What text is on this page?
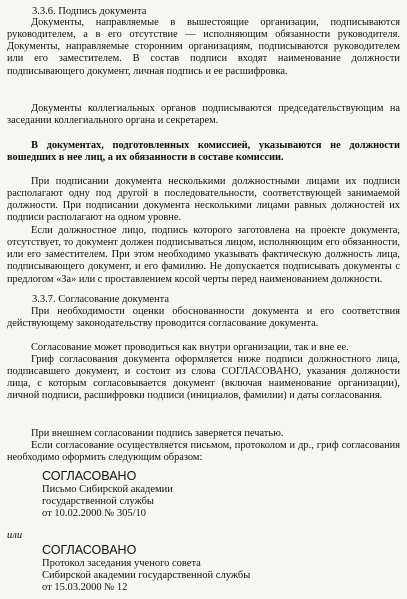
3.3.6. Подпись документа

Документы, направляемые в вышестоящие организации, подписываются руководителем, а в его отсутствие — исполняющим обязанности руководителя. Документы, направляемые сторонним организациям, подписываются руководителем или его заместителем. В состав подписи входят наименование должности подписывающего документ, личная подпись и ее расшифровка.

Документы коллегиальных органов подписываются председательствующим на заседании коллегиального органа и секретарем.

В документах, подготовленных комиссией, указываются не должности вошедших в нее лиц, а их обязанности в составе комиссии.

При подписании документа несколькими должностными лицами их подписи располагают одну под другой в последовательности, соответствующей занимаемой должности. При подписании документа несколькими лицами равных должностей их подписи располагают на одном уровне.

Если должностное лицо, подпись которого заготовлена на проекте документа, отсутствует, то документ должен подписываться лицом, исполняющим его обязанности, или его заместителем. При этом необходимо указывать фактическую должность лица, подписывающего документ, и его фамилию. Не допускается подписывать документы с предлогом «За» или с проставлением косой черты перед наименованием должности.

3.3.7. Согласование документа

При необходимости оценки обоснованности документа и его соответствия действующему законодательству проводится согласование документа.

Согласование может проводиться как внутри организации, так и вне ее.

Гриф согласования документа оформляется ниже подписи должностного лица, подписавшего документ, и состоит из слова СОГЛАСОВАНО, указания должности лица, с которым согласовывается документ (включая наименование организации), личной подписи, расшифровки подписи (инициалов, фамилии) и даты согласования.

При внешнем согласовании подпись заверяется печатью.

Если согласование осуществляется письмом, протоколом и др., гриф согласования необходимо оформить следующим образом:

СОГЛАСОВАНО
Письмо Сибирской академии
государственной службы
от 10.02.2000 № 305/10
или
СОГЛАСОВАНО
Протокол заседания ученого совета
Сибирской академии государственной службы
от 15.03.2000 № 12
